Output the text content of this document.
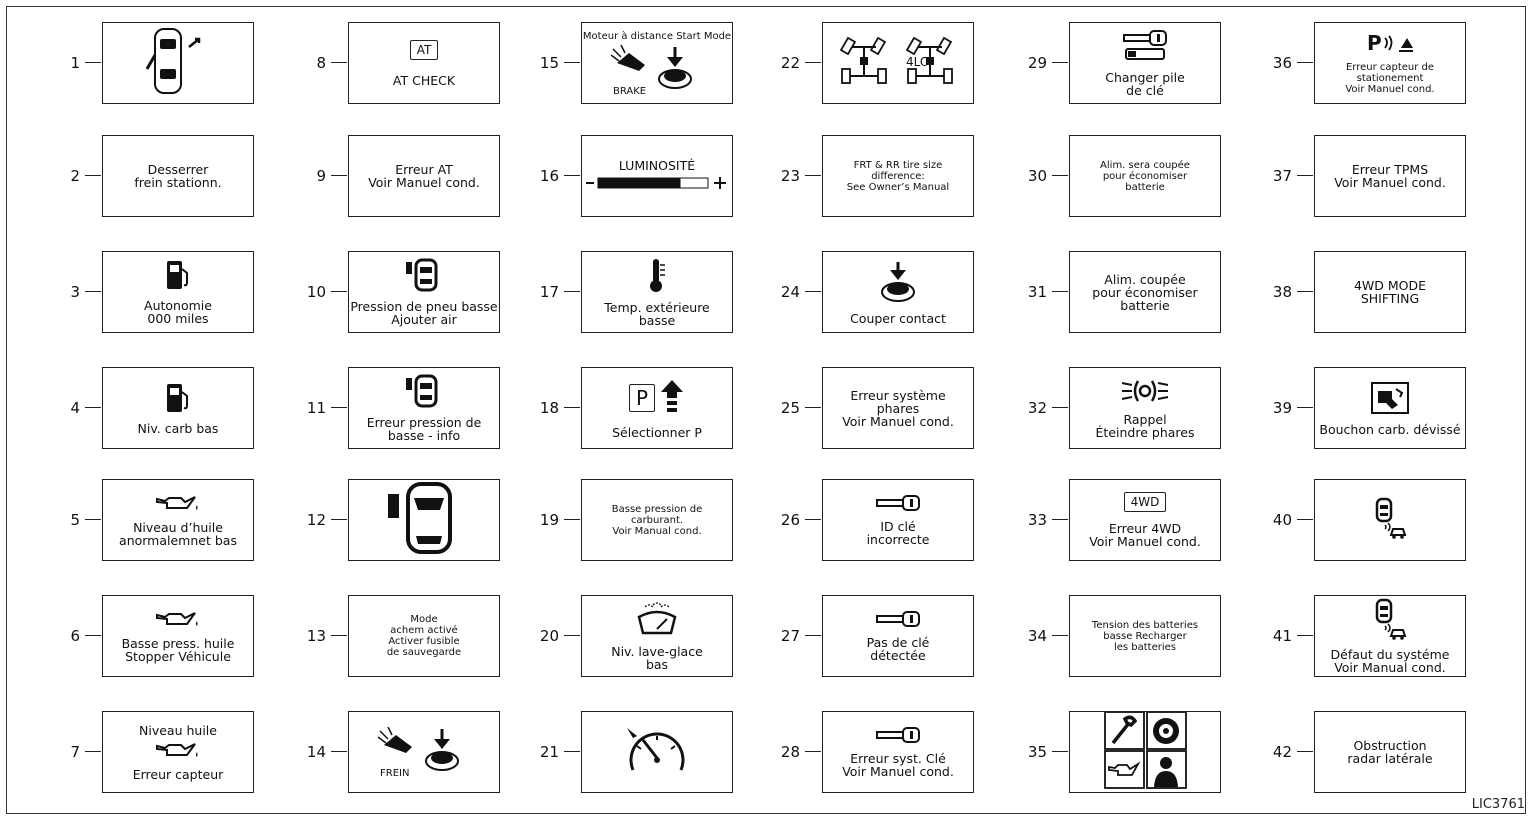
1
2	Desserrer
frein stationn.
3
Autonomie
000 miles
4
Niv. carb bas
5	Niveau d’huile
anormalemnet bas
6	Basse press. huile
Stopper Véhicule
7
Niveau huile
Erreur capteur
8
AT
AT CHECK
9	Erreur AT
Voir Manuel cond.
10
Pression de pneu basse
Ajouter air
11
Erreur pression de
basse - info
12
13
Mode
achem activé
Activer fusible
de sauvegarde
14
FREIN
15
Moteur à distance Start Mode
BRAKE
16
LUMINOSITÉ
17
Temp. extérieure
basse
18	P
Sélectionner P
19
Basse pression de
carburant.
Voir Manual cond.
20
Niv. lave-glace
bas
21
22	4LO
23
FRT & RR tire size
difference:
See Owner’s Manual
24
Couper contact
25
Erreur système
phares
Voir Manuel cond.
26	ID clé
incorrecte
27	Pas de clé
détectée
28	Erreur syst. Clé
Voir Manuel cond.
29
Changer pile
de clé
30
Alim. sera coupée
pour économiser
batterie
31
Alim. coupée
pour économiser
batterie
32
Rappel
Éteindre phares
33
4WD
Erreur 4WD
Voir Manuel cond.
34
Tension des batteries
basse Recharger
les batteries
35
36
P
Erreur capteur de stationement
Voir Manuel cond.
37	Erreur TPMS
Voir Manuel cond.
38	4WD MODE
SHIFTING
39
Bouchon carb. dévissé
40
41
Défaut du systéme
Voir Manual cond.
42	Obstruction
radar latérale
LIC3761
